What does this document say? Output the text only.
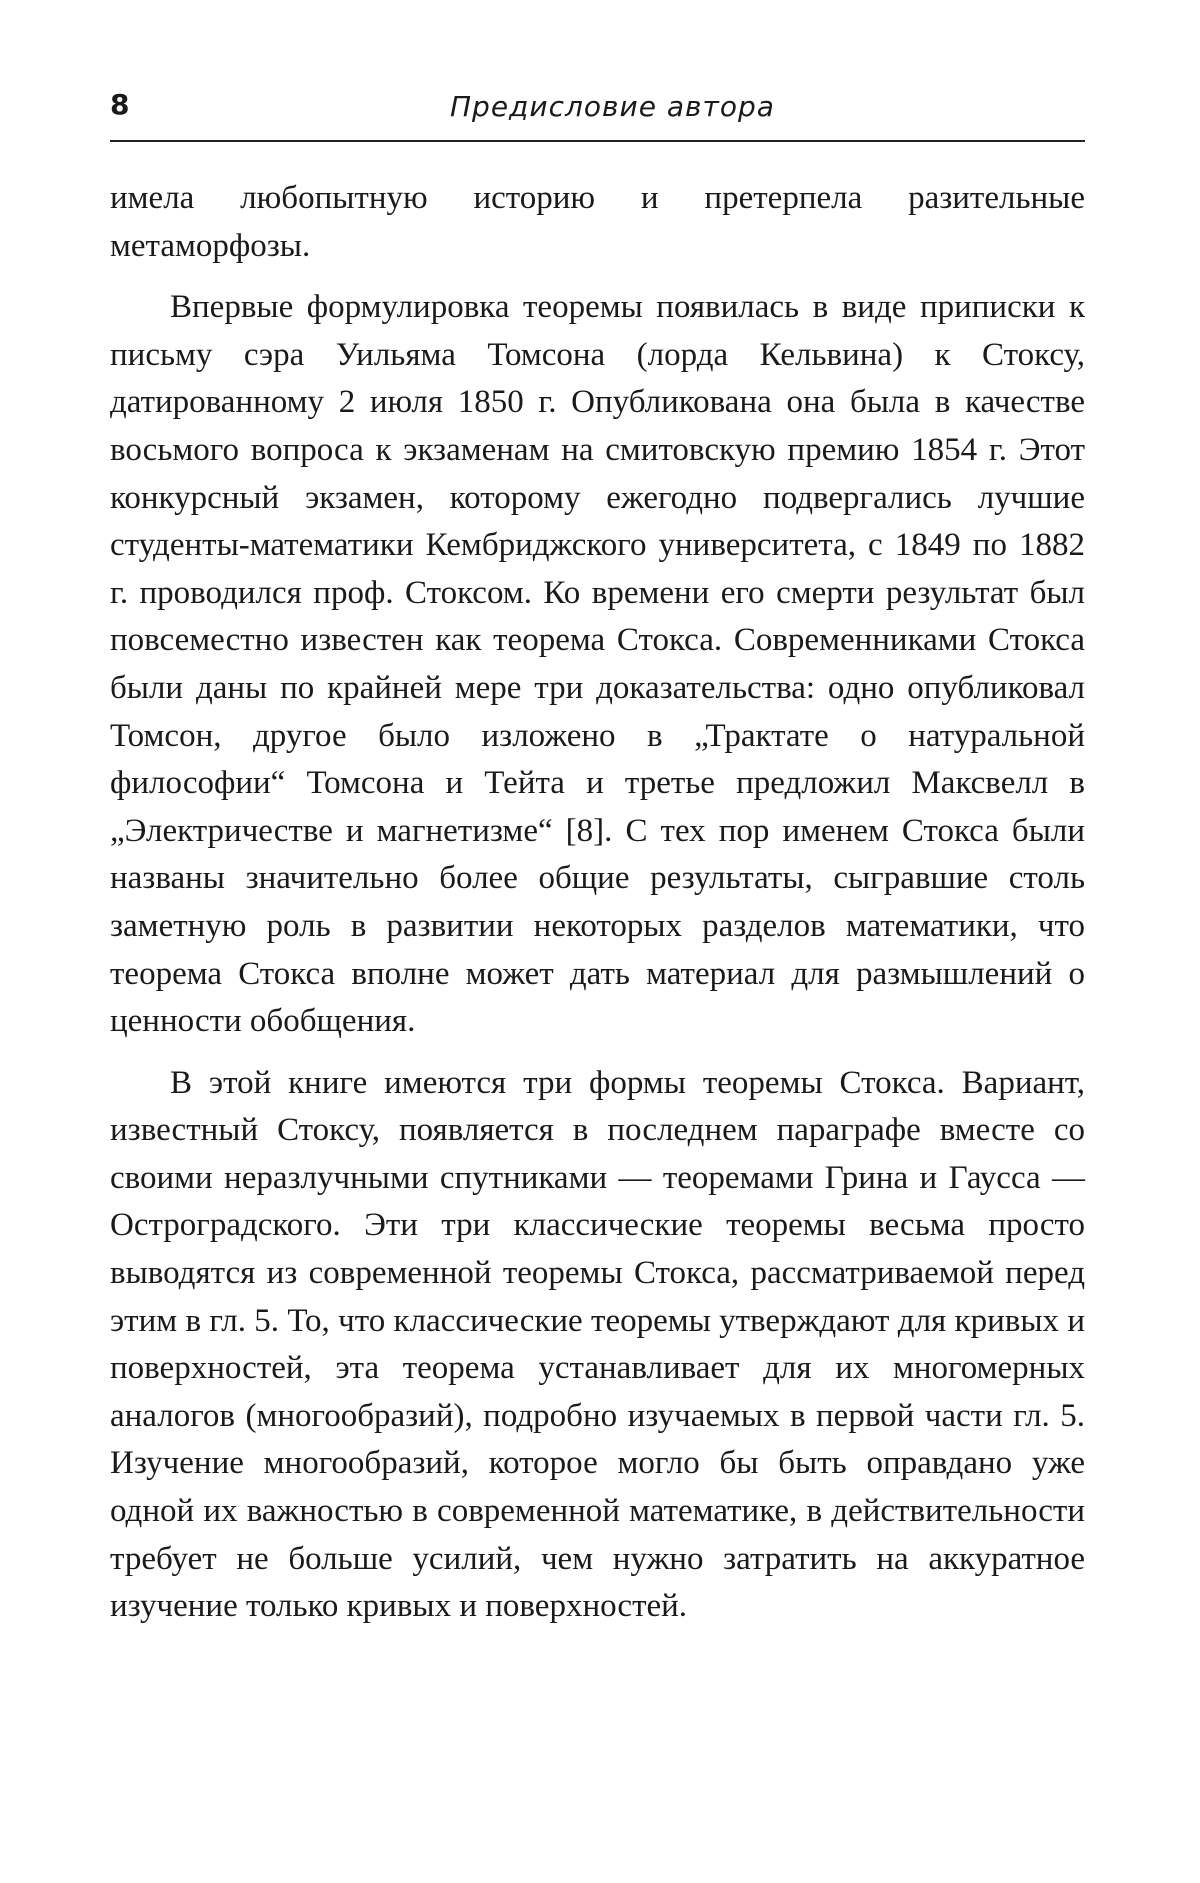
8	Предисловие автора

имела любопытную историю и претерпела разительные метаморфозы.

Впервые формулировка теоремы появилась в виде приписки к письму сэра Уильяма Томсона (лорда Кельвина) к Стоксу, датированному 2 июля 1850 г. Опубликована она была в качестве восьмого вопроса к экзаменам на смитовскую премию 1854 г. Этот конкурсный экзамен, которому ежегодно подвергались лучшие студенты-математики Кембриджского университета, с 1849 по 1882 г. проводился проф. Стоксом. Ко времени его смерти результат был повсеместно известен как теорема Стокса. Современниками Стокса были даны по крайней мере три доказательства: одно опубликовал Томсон, другое было изложено в „Трактате о натуральной философии“ Томсона и Тейта и третье предложил Максвелл в „Электричестве и магнетизме“ [8]. С тех пор именем Стокса были названы значительно более общие результаты, сыгравшие столь заметную роль в развитии некоторых разделов математики, что теорема Стокса вполне может дать материал для размышлений о ценности обобщения.

В этой книге имеются три формы теоремы Стокса. Вариант, известный Стоксу, появляется в последнем параграфе вместе со своими неразлучными спутниками — теоремами Грина и Гаусса — Остроградского. Эти три классические теоремы весьма просто выводятся из современной теоремы Стокса, рассматриваемой перед этим в гл. 5. То, что классические теоремы утверждают для кривых и поверхностей, эта теорема устанавливает для их многомерных аналогов (многообразий), подробно изучаемых в первой части гл. 5. Изучение многообразий, которое могло бы быть оправдано уже одной их важностью в современной математике, в действительности требует не больше усилий, чем нужно затратить на аккуратное изучение только кривых и поверхностей.
